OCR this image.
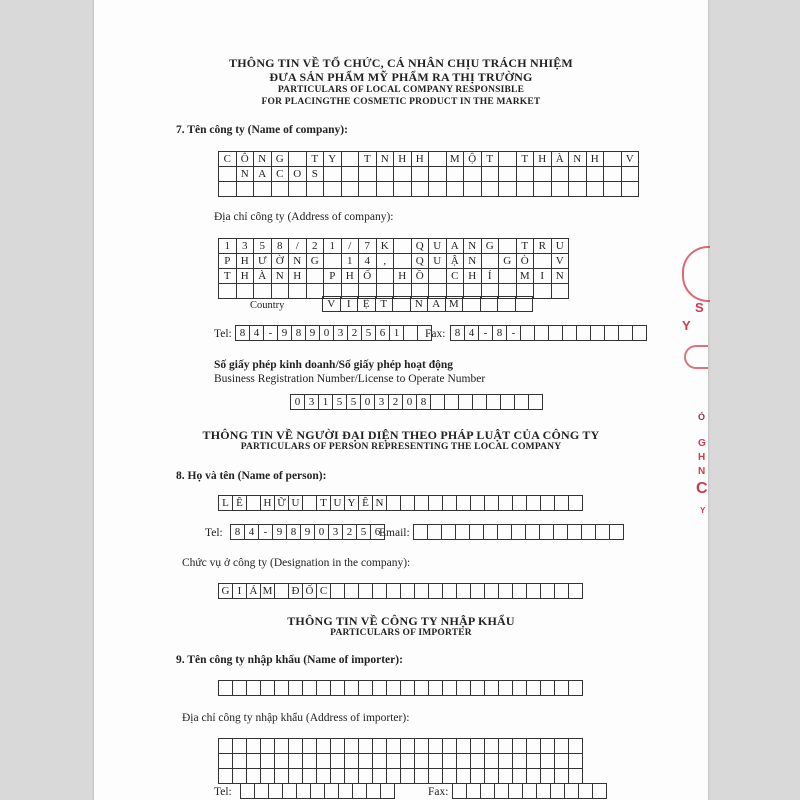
THÔNG TIN VỀ TỔ CHỨC, CÁ NHÂN CHỊU TRÁCH NHIỆM
ĐƯA SẢN PHẨM MỸ PHẨM RA THỊ TRƯỜNG
PARTICULARS OF LOCAL COMPANY RESPONSIBLE
FOR PLACINGTHE COSMETIC PRODUCT IN THE MARKET
7. Tên công ty (Name of company):
C	Ô	N	G		T	Y		T	N	H	H		M	Ộ	T		T	H	À	N	H		V
	N	A	C	O	S																		

Địa chỉ công ty (Address of company):
1	3	5	8	/	2	1	/	7	K		Q	U	A	N	G		T	R	U
P	H	Ư	Ờ	N	G		1	4	,		Q	U	Ậ	N		G	Ò		V
T	H	À	N	H		P	H	Ố		H	Ồ		C	H	Í		M	I	N

Country	V	I	Ệ	T		N	A	M				
Tel: 8	4	-	9	8	9	0	3	2	5	6	1		Fax: 8	4	-	8	-									
Số giấy phép kinh doanh/Số giấy phép hoạt động
Business Registration Number/License to Operate Number
0	3	1	5	5	0	3	2	0	8								
THÔNG TIN VỀ NGƯỜI ĐẠI DIỆN THEO PHÁP LUẬT CỦA CÔNG TY
PARTICULARS OF PERSON REPRESENTING THE LOCAL COMPANY
8. Họ và tên (Name of person):
L	Ê		H	Ữ	U		T	U	Y	Ê	N														
Tel: 8	4	-	9	8	9	0	3	2	5	6
Email:

Chức vụ ở công ty (Designation in the company):
G	I	Á	M		Đ	Ố	C																		
THÔNG TIN VỀ CÔNG TY NHẬP KHẨU
PARTICULARS OF IMPORTER
9. Tên công ty nhập khẩu (Name of importer):

Địa chỉ công ty nhập khẩu (Address of importer):

Tel:
											Fax:

S
Y
Ó
G
H
N
C
Y
